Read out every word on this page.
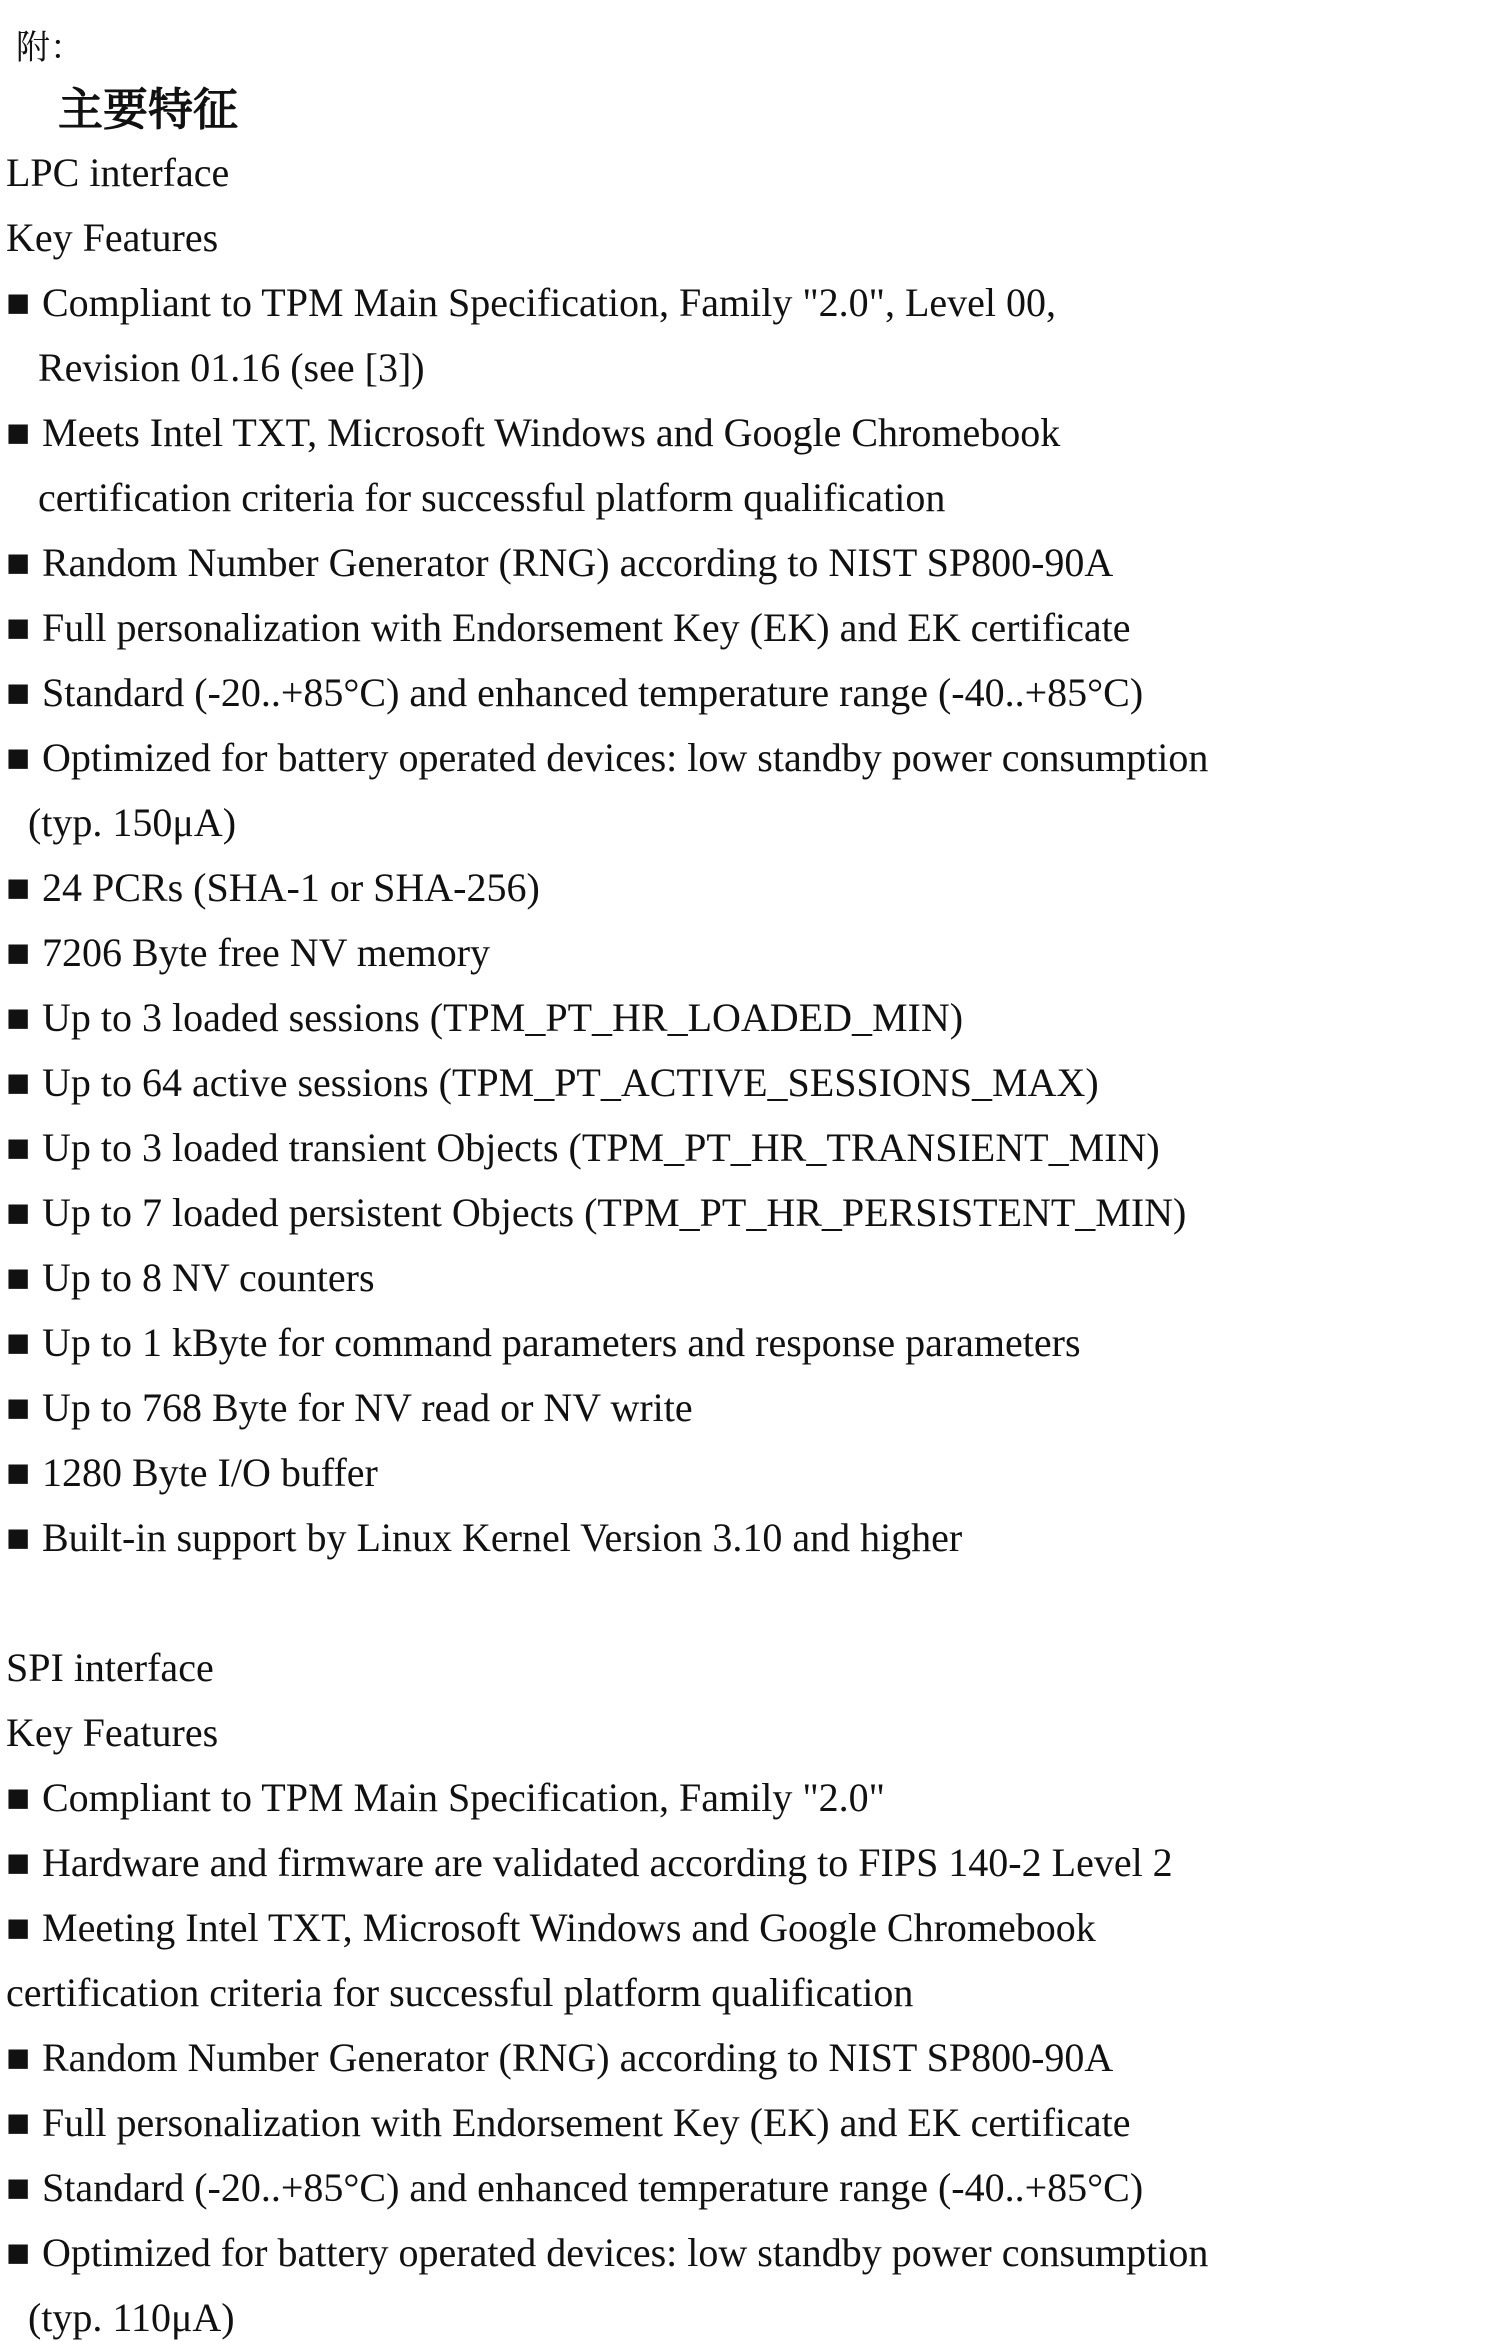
附：
主要特征
LPC interface
Key Features
■ Compliant to TPM Main Specification, Family "2.0", Level 00,
Revision 01.16 (see [3])
■ Meets Intel TXT, Microsoft Windows and Google Chromebook
certification criteria for successful platform qualification
■ Random Number Generator (RNG) according to NIST SP800-90A
■ Full personalization with Endorsement Key (EK) and EK certificate
■ Standard (-20..+85°C) and enhanced temperature range (-40..+85°C)
■ Optimized for battery operated devices: low standby power consumption
(typ. 150μA)
■ 24 PCRs (SHA-1 or SHA-256)
■ 7206 Byte free NV memory
■ Up to 3 loaded sessions (TPM_PT_HR_LOADED_MIN)
■ Up to 64 active sessions (TPM_PT_ACTIVE_SESSIONS_MAX)
■ Up to 3 loaded transient Objects (TPM_PT_HR_TRANSIENT_MIN)
■ Up to 7 loaded persistent Objects (TPM_PT_HR_PERSISTENT_MIN)
■ Up to 8 NV counters
■ Up to 1 kByte for command parameters and response parameters
■ Up to 768 Byte for NV read or NV write
■ 1280 Byte I/O buffer
■ Built-in support by Linux Kernel Version 3.10 and higher
SPI interface
Key Features
■ Compliant to TPM Main Specification, Family "2.0"
■ Hardware and firmware are validated according to FIPS 140-2 Level 2
■ Meeting Intel TXT, Microsoft Windows and Google Chromebook
certification criteria for successful platform qualification
■ Random Number Generator (RNG) according to NIST SP800-90A
■ Full personalization with Endorsement Key (EK) and EK certificate
■ Standard (-20..+85°C) and enhanced temperature range (-40..+85°C)
■ Optimized for battery operated devices: low standby power consumption
(typ. 110μA)
